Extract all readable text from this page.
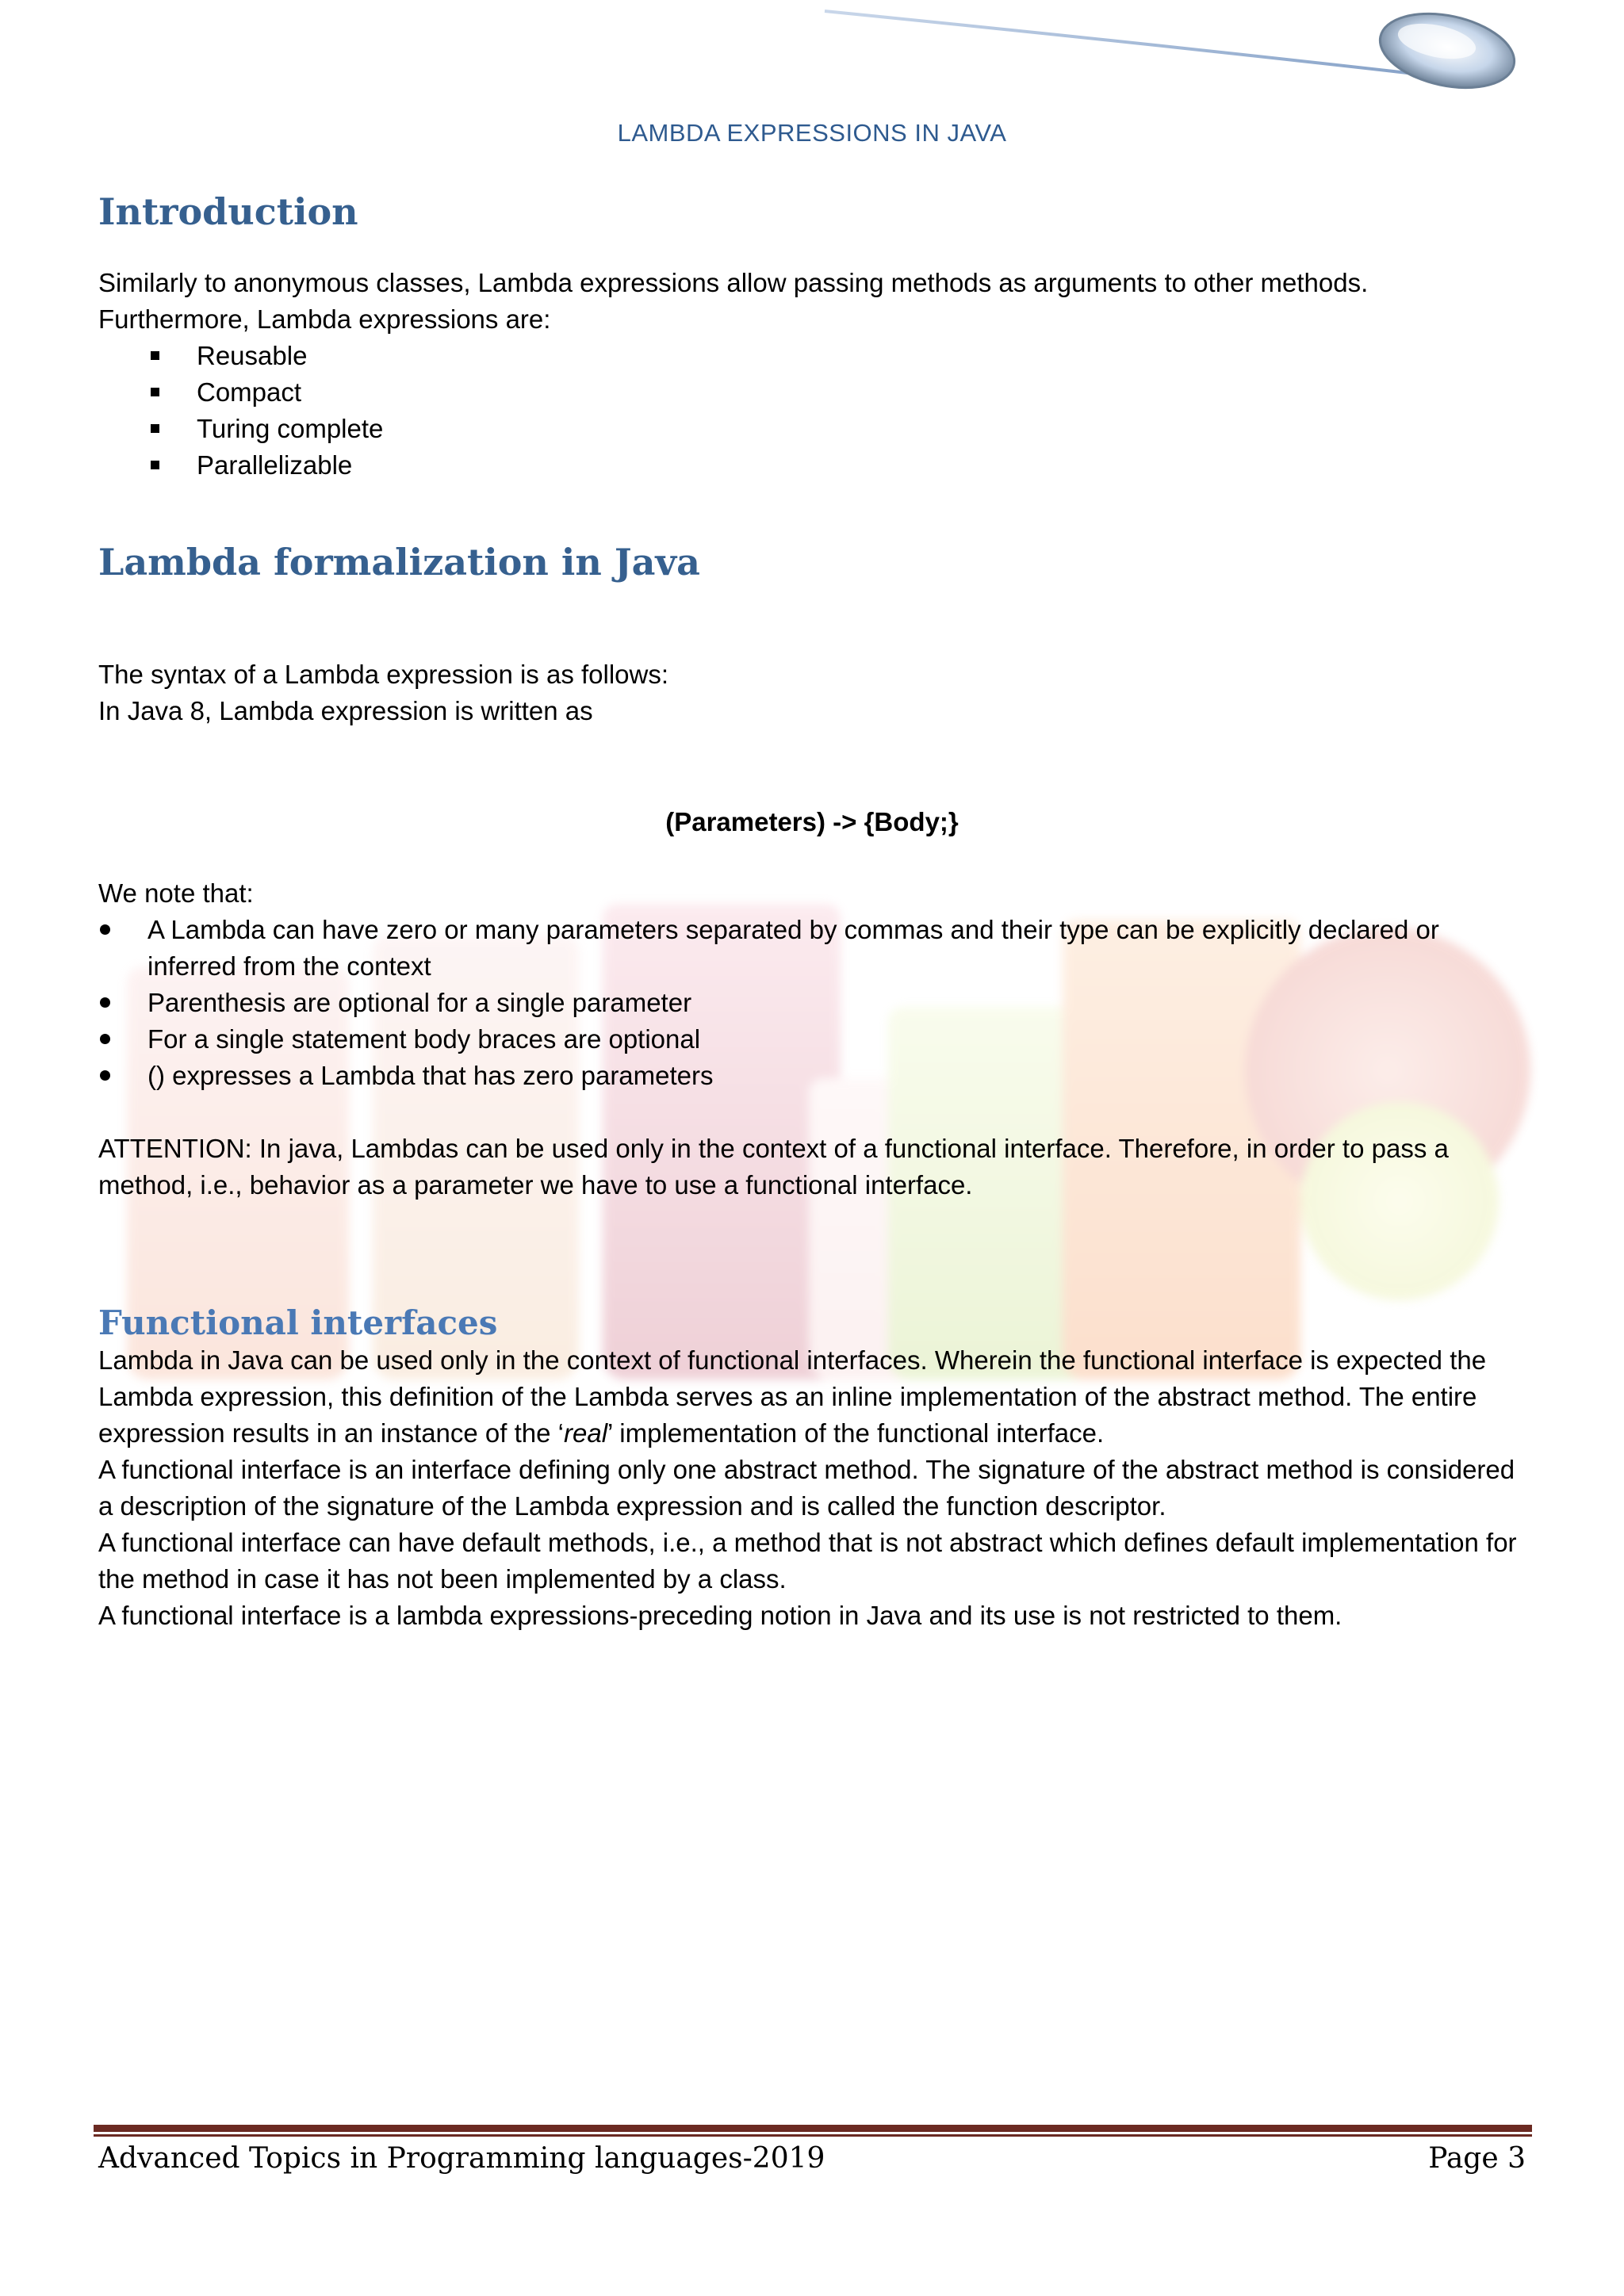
LAMBDA EXPRESSIONS IN JAVA
Introduction

Similarly to anonymous classes, Lambda expressions allow passing methods as arguments to other methods.

Furthermore, Lambda expressions are:

Reusable
Compact
Turing complete
Parallelizable
Lambda formalization in Java

The syntax of a Lambda expression is as follows:

In Java 8, Lambda expression is written as

(Parameters) -> {Body;}

We note that:

A Lambda can have zero or many parameters separated by commas and their type can be explicitly declared or inferred from the context
Parenthesis are optional for a single parameter
For a single statement body braces are optional
() expresses a Lambda that has zero parameters

ATTENTION: In java, Lambdas can be used only in the context of a functional interface. Therefore, in order to pass a method, i.e., behavior as a parameter we have to use a functional interface.

Functional interfaces

Lambda in Java can be used only in the context of functional interfaces. Wherein the functional interface is expected the Lambda expression, this definition of the Lambda serves as an inline implementation of the abstract method. The entire expression results in an instance of the ‘real’ implementation of the functional interface.

A functional interface is an interface defining only one abstract method. The signature of the abstract method is considered a description of the signature of the Lambda expression and is called the function descriptor.

A functional interface can have default methods, i.e., a method that is not abstract which defines default implementation for the method in case it has not been implemented by a class.

A functional interface is a lambda expressions-preceding notion in Java and its use is not restricted to them.

Advanced Topics in Programming languages-2019	Page 3
